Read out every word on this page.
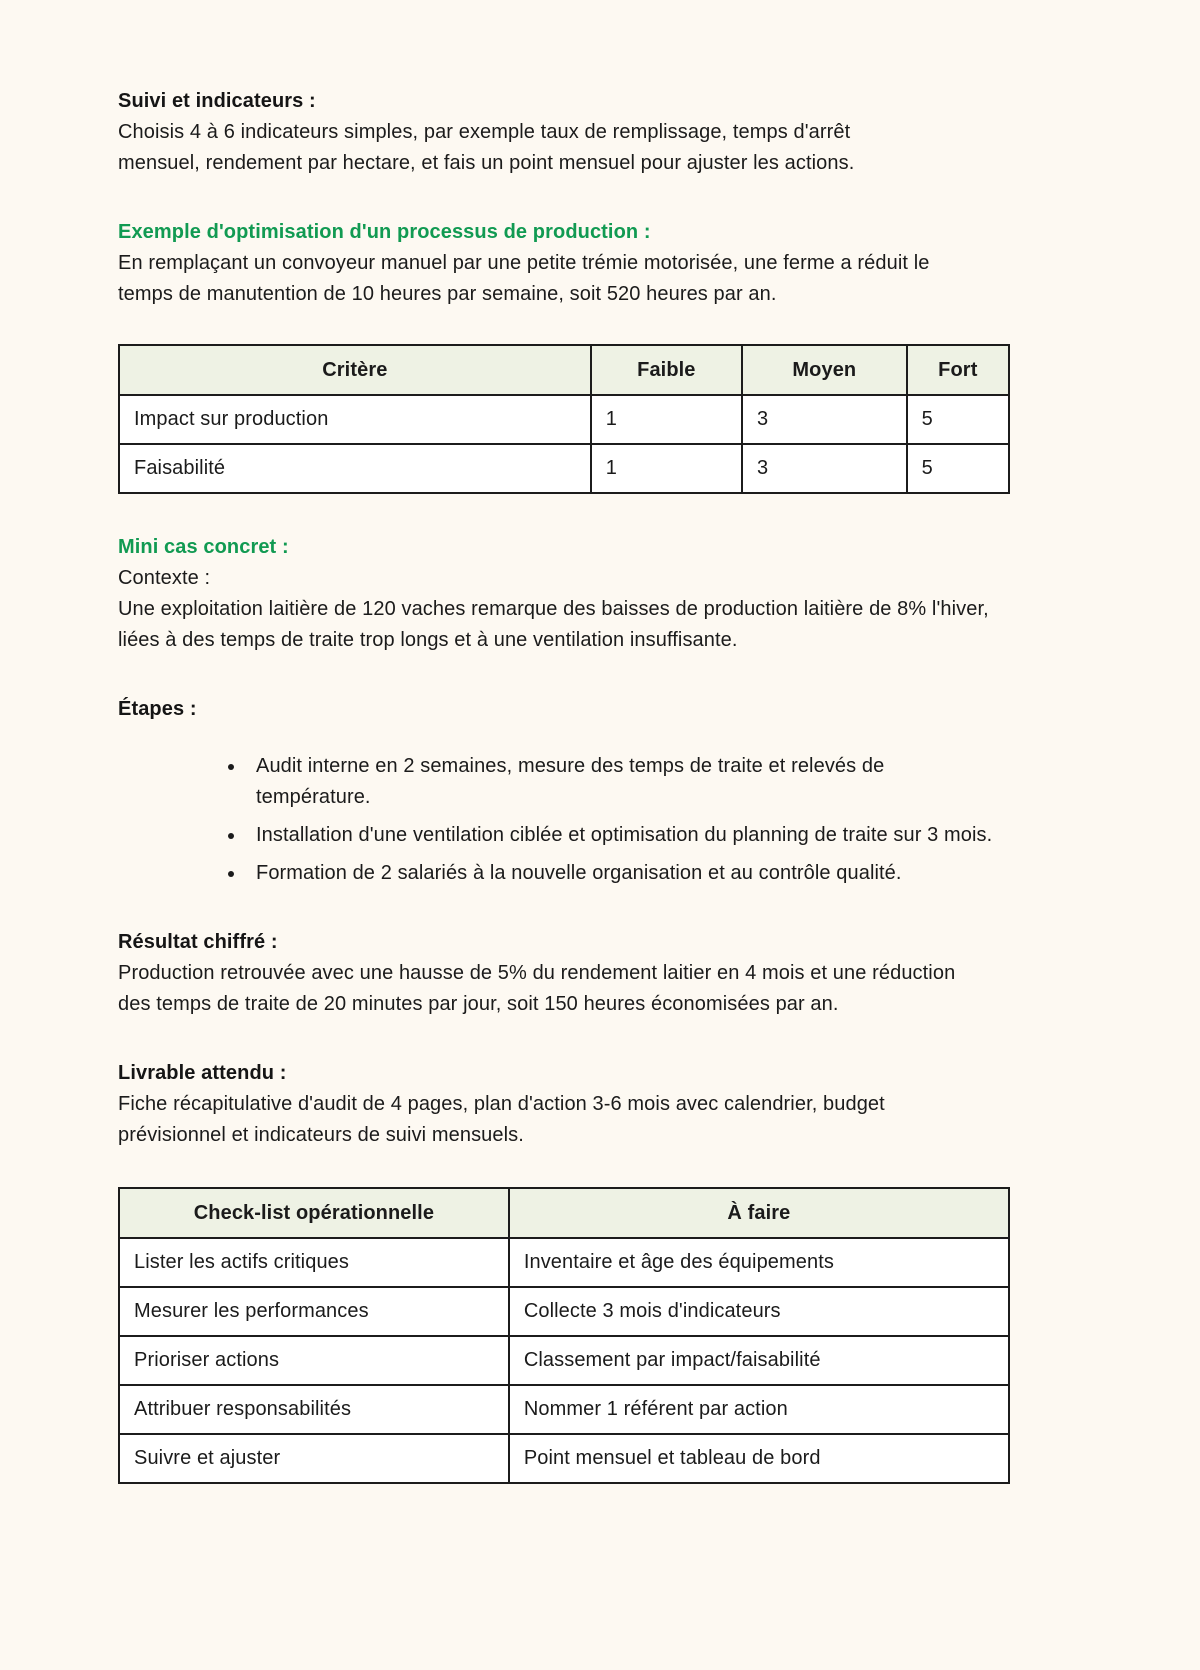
Suivi et indicateurs :

Choisis 4 à 6 indicateurs simples, par exemple taux de remplissage, temps d'arrêt mensuel, rendement par hectare, et fais un point mensuel pour ajuster les actions.

Exemple d'optimisation d'un processus de production :

En remplaçant un convoyeur manuel par une petite trémie motorisée, une ferme a réduit le temps de manutention de 10 heures par semaine, soit 520 heures par an.

Critère	Faible	Moyen	Fort
Impact sur production	1	3	5
Faisabilité	1	3	5

Mini cas concret :

Contexte :

Une exploitation laitière de 120 vaches remarque des baisses de production laitière de 8% l'hiver, liées à des temps de traite trop longs et à une ventilation insuffisante.

Étapes :

• Audit interne en 2 semaines, mesure des temps de traite et relevés de température.
• Installation d'une ventilation ciblée et optimisation du planning de traite sur 3 mois.
• Formation de 2 salariés à la nouvelle organisation et au contrôle qualité.

Résultat chiffré :

Production retrouvée avec une hausse de 5% du rendement laitier en 4 mois et une réduction des temps de traite de 20 minutes par jour, soit 150 heures économisées par an.

Livrable attendu :

Fiche récapitulative d'audit de 4 pages, plan d'action 3-6 mois avec calendrier, budget prévisionnel et indicateurs de suivi mensuels.

Check-list opérationnelle	À faire
Lister les actifs critiques	Inventaire et âge des équipements
Mesurer les performances	Collecte 3 mois d'indicateurs
Prioriser actions	Classement par impact/faisabilité
Attribuer responsabilités	Nommer 1 référent par action
Suivre et ajuster	Point mensuel et tableau de bord
